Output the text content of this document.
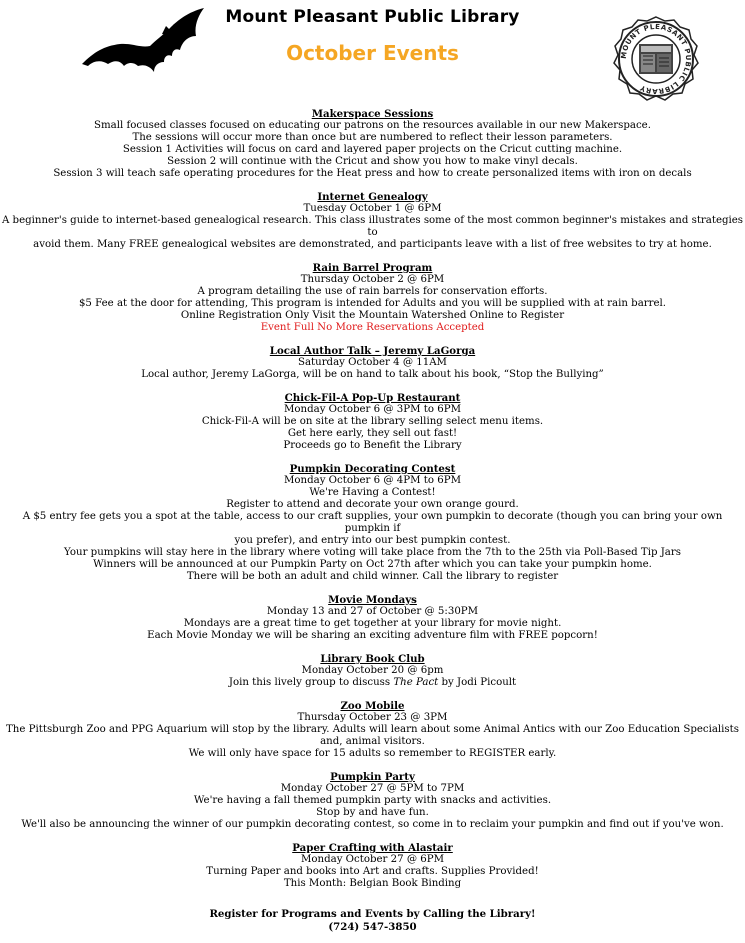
MOUNT PLEASANT PUBLIC LIBRARY
Mount Pleasant Public Library
October Events
Makerspace Sessions
Small focused classes focused on educating our patrons on the resources available in our new Makerspace.
The sessions will occur more than once but are numbered to reflect their lesson parameters.
Session 1 Activities will focus on card and layered paper projects on the Cricut cutting machine.
Session 2 will continue with the Cricut and show you how to make vinyl decals.
Session 3 will teach safe operating procedures for the Heat press and how to create personalized items with iron on decals
Internet Genealogy
Tuesday October 1 @ 6PM
A beginner's guide to internet-based genealogical research. This class illustrates some of the most common beginner's mistakes and strategies to
avoid them. Many FREE genealogical websites are demonstrated, and participants leave with a list of free websites to try at home.
Rain Barrel Program
Thursday October 2 @ 6PM
A program detailing the use of rain barrels for conservation efforts.
$5 Fee at the door for attending, This program is intended for Adults and you will be supplied with at rain barrel.
Online Registration Only Visit the Mountain Watershed Online to Register
Event Full No More Reservations Accepted
Local Author Talk – Jeremy LaGorga
Saturday October 4 @ 11AM
Local author, Jeremy LaGorga, will be on hand to talk about his book, “Stop the Bullying”
Chick-Fil-A Pop-Up Restaurant
Monday October 6 @ 3PM to 6PM
Chick-Fil-A will be on site at the library selling select menu items.
Get here early, they sell out fast!
Proceeds go to Benefit the Library
Pumpkin Decorating Contest
Monday October 6 @ 4PM to 6PM
We're Having a Contest!
Register to attend and decorate your own orange gourd.
A $5 entry fee gets you a spot at the table, access to our craft supplies, your own pumpkin to decorate (though you can bring your own pumpkin if
you prefer), and entry into our best pumpkin contest.
Your pumpkins will stay here in the library where voting will take place from the 7th to the 25th via Poll-Based Tip Jars
Winners will be announced at our Pumpkin Party on Oct 27th after which you can take your pumpkin home.
There will be both an adult and child winner. Call the library to register
Movie Mondays
Monday 13 and 27 of October @ 5:30PM
Mondays are a great time to get together at your library for movie night.
Each Movie Monday we will be sharing an exciting adventure film with FREE popcorn!
Library Book Club
Monday October 20 @ 6pm
Join this lively group to discuss The Pact by Jodi Picoult
Zoo Mobile
Thursday October 23 @ 3PM
The Pittsburgh Zoo and PPG Aquarium will stop by the library. Adults will learn about some Animal Antics with our Zoo Education Specialists
and, animal visitors.
We will only have space for 15 adults so remember to REGISTER early.
Pumpkin Party
Monday October 27 @ 5PM to 7PM
We're having a fall themed pumpkin party with snacks and activities.
Stop by and have fun.
We'll also be announcing the winner of our pumpkin decorating contest, so come in to reclaim your pumpkin and find out if you've won.
Paper Crafting with Alastair
Monday October 27 @ 6PM
Turning Paper and books into Art and crafts. Supplies Provided!
This Month: Belgian Book Binding
Register for Programs and Events by Calling the Library!
(724) 547-3850
